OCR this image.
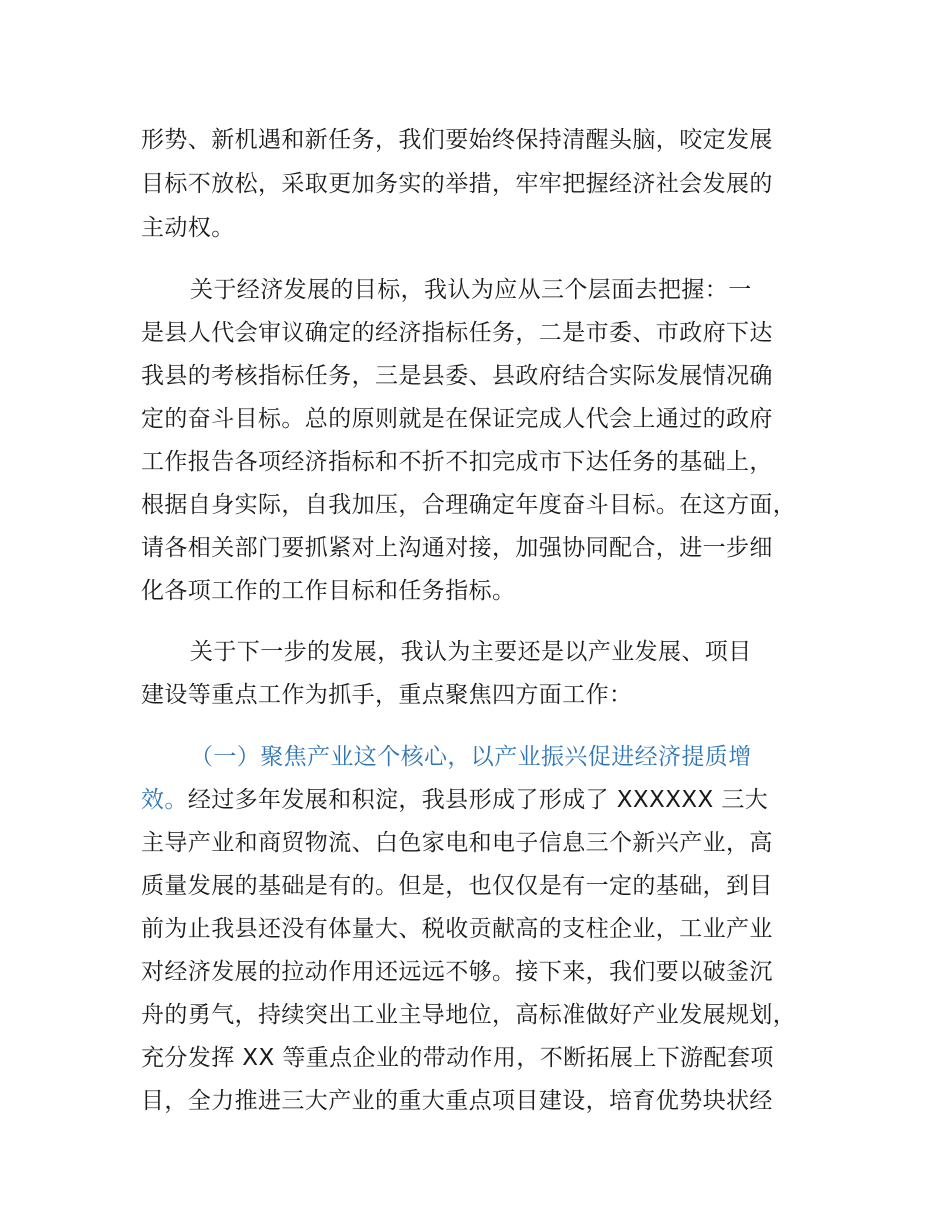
形势、新机遇和新任务，我们要始终保持清醒头脑，咬定发展
目标不放松，采取更加务实的举措，牢牢把握经济社会发展的
主动权。
关于经济发展的目标，我认为应从三个层面去把握：一
是县人代会审议确定的经济指标任务，二是市委、市政府下达
我县的考核指标任务，三是县委、县政府结合实际发展情况确
定的奋斗目标。总的原则就是在保证完成人代会上通过的政府
工作报告各项经济指标和不折不扣完成市下达任务的基础上，
根据自身实际，自我加压，合理确定年度奋斗目标。在这方面，
请各相关部门要抓紧对上沟通对接，加强协同配合，进一步细
化各项工作的工作目标和任务指标。
关于下一步的发展，我认为主要还是以产业发展、项目
建设等重点工作为抓手，重点聚焦四方面工作：
（一）聚焦产业这个核心，以产业振兴促进经济提质增
效。经过多年发展和积淀，我县形成了形成了 XXXXXX 三大
主导产业和商贸物流、白色家电和电子信息三个新兴产业，高
质量发展的基础是有的。但是，也仅仅是有一定的基础，到目
前为止我县还没有体量大、税收贡献高的支柱企业，工业产业
对经济发展的拉动作用还远远不够。接下来，我们要以破釜沉
舟的勇气，持续突出工业主导地位，高标准做好产业发展规划，
充分发挥 XX 等重点企业的带动作用，不断拓展上下游配套项
目，全力推进三大产业的重大重点项目建设，培育优势块状经
